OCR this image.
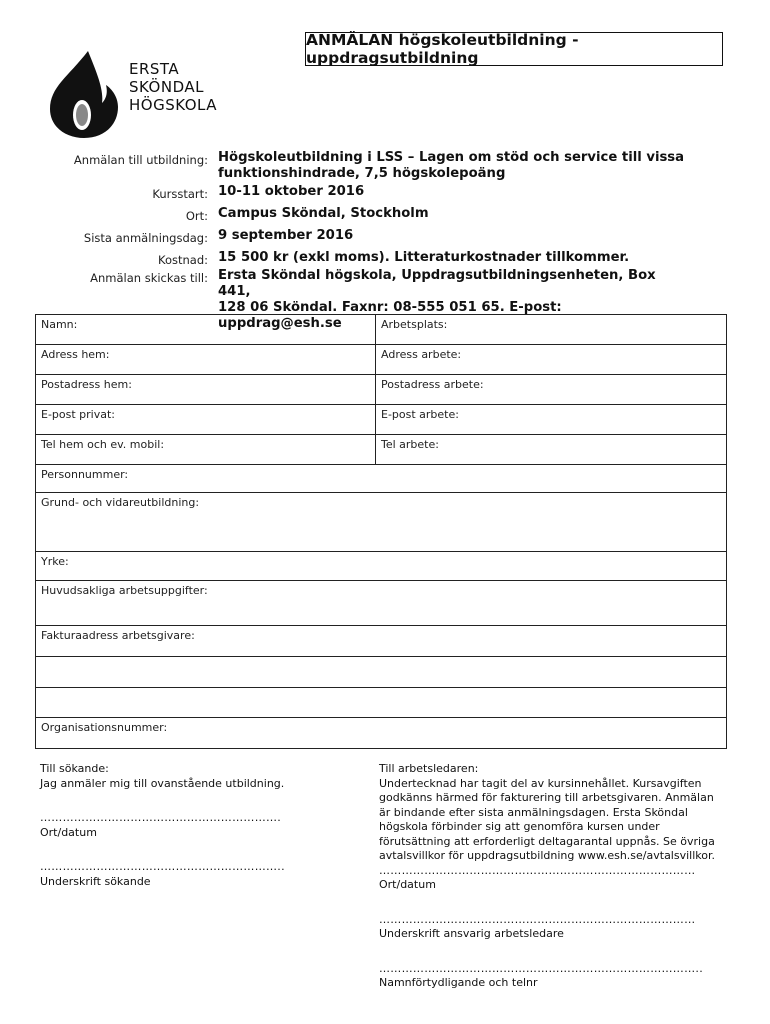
ANMÄLAN högskoleutbildning - uppdragsutbildning
ERSTA
SKÖNDAL
HÖGSKOLA
Anmälan till utbildning: Högskoleutbildning i LSS – Lagen om stöd och service till vissa
funktionshindrade, 7,5 högskolepoäng
Kursstart: 10-11 oktober 2016
Ort: Campus Sköndal, Stockholm
Sista anmälningsdag: 9 september 2016
Kostnad: 15 500 kr (exkl moms). Litteraturkostnader tillkommer.
Anmälan skickas till: Ersta Sköndal högskola, Uppdragsutbildningsenheten, Box 441,
128 06 Sköndal. Faxnr: 08-555 051 65. E-post: uppdrag@esh.se
Namn:	Arbetsplats:
Adress hem:	Adress arbete:
Postadress hem:	Postadress arbete:
E-post privat:	E-post arbete:
Tel hem och ev. mobil:	Tel arbete:
Personnummer:
Grund- och vidareutbildning:
Yrke:
Huvudsakliga arbetsuppgifter:
Fakturaadress arbetsgivare:
Organisationsnummer:
Till sökande:
Jag anmäler mig till ovanstående utbildning.
……………………………………………………….
Ort/datum
………………………………………………………..
Underskrift sökande
Till arbetsledaren:
Undertecknad har tagit del av kursinnehållet. Kursavgiften
godkänns härmed för fakturering till arbetsgivaren. Anmälan
är bindande efter sista anmälningsdagen. Ersta Sköndal
högskola förbinder sig att genomföra kursen under
förutsättning att erforderligt deltagarantal uppnås. Se övriga
avtalsvillkor för uppdragsutbildning www.esh.se/avtalsvillkor.
…………………………………………………………………………
Ort/datum
…………………………………………………………………………
Underskrift ansvarig arbetsledare
…………………………………………………………………………..
Namnförtydligande och telnr
